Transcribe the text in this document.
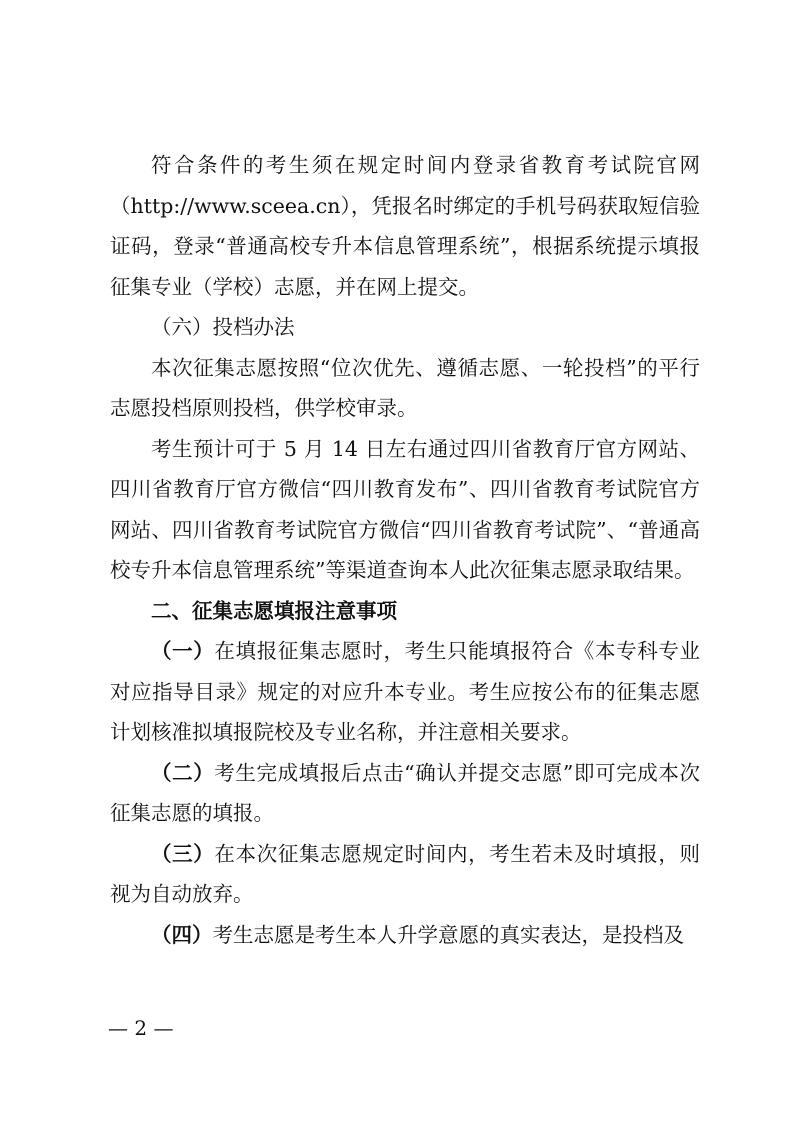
符合条件的考生须在规定时间内登录省教育考试院官网（http://www.sceea.cn），凭报名时绑定的手机号码获取短信验证码，登录“普通高校专升本信息管理系统”，根据系统提示填报征集专业（学校）志愿，并在网上提交。

（六）投档办法

本次征集志愿按照“位次优先、遵循志愿、一轮投档”的平行志愿投档原则投档，供学校审录。

考生预计可于 5 月 14 日左右通过四川省教育厅官方网站、四川省教育厅官方微信“四川教育发布”、四川省教育考试院官方网站、四川省教育考试院官方微信“四川省教育考试院”、“普通高校专升本信息管理系统”等渠道查询本人此次征集志愿录取结果。

二、征集志愿填报注意事项

（一）在填报征集志愿时，考生只能填报符合《本专科专业对应指导目录》规定的对应升本专业。考生应按公布的征集志愿计划核准拟填报院校及专业名称，并注意相关要求。

（二）考生完成填报后点击“确认并提交志愿”即可完成本次征集志愿的填报。

（三）在本次征集志愿规定时间内，考生若未及时填报，则视为自动放弃。

（四）考生志愿是考生本人升学意愿的真实表达，是投档及

— 2 —
